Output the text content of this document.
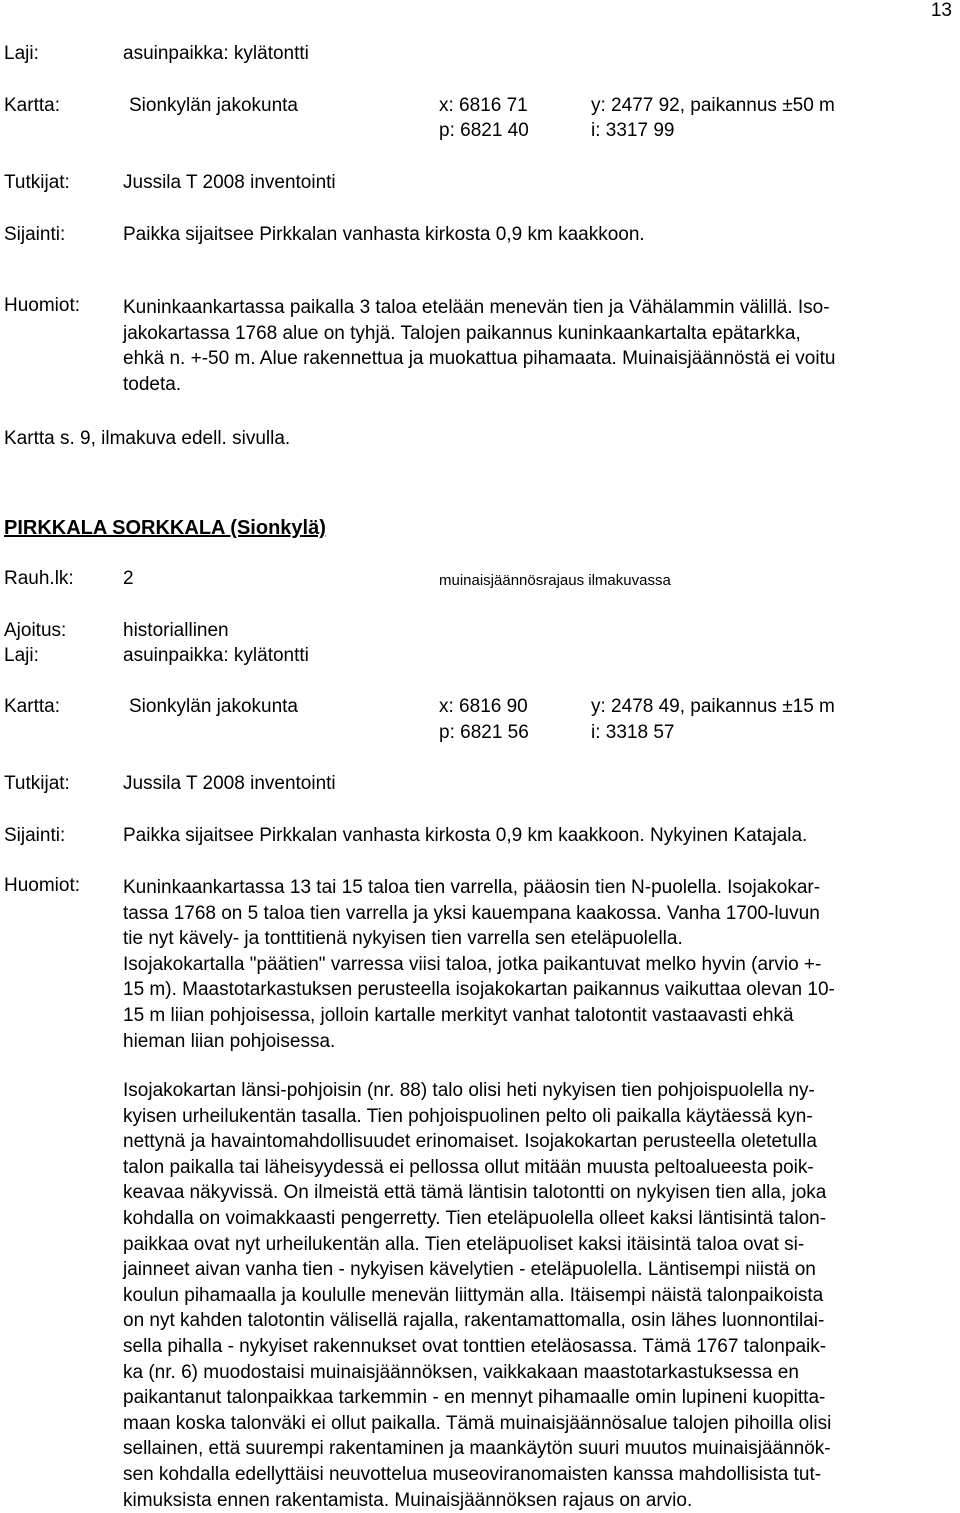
13
Laji:	asuinpaikka: kylätontti
Kartta:	Sionkylän jakokunta	x: 6816 71	y: 2477 92, paikannus ±50 m
p: 6821 40	i: 3317 99
Tutkijat:	Jussila T 2008 inventointi
Sijainti:	Paikka sijaitsee Pirkkalan vanhasta kirkosta 0,9 km kaakkoon.
Huomiot: Kuninkaankartassa paikalla 3 taloa etelään menevän tien ja Vähälammin välillä. Iso-
jakokartassa 1768 alue on tyhjä. Talojen paikannus kuninkaankartalta epätarkka,
ehkä n. +-50 m. Alue rakennettua ja muokattua pihamaata. Muinaisjäännöstä ei voitu
todeta.
Kartta s. 9, ilmakuva edell. sivulla.
PIRKKALA SORKKALA (Sionkylä)
Rauh.lk:	2	muinaisjäännösrajaus ilmakuvassa
Ajoitus:	historiallinen
Laji:	asuinpaikka: kylätontti
Kartta:	Sionkylän jakokunta	x: 6816 90	y: 2478 49, paikannus ±15 m
p: 6821 56	i: 3318 57
Tutkijat:	Jussila T 2008 inventointi
Sijainti:	Paikka sijaitsee Pirkkalan vanhasta kirkosta 0,9 km kaakkoon. Nykyinen Katajala.
Huomiot: Kuninkaankartassa 13 tai 15 taloa tien varrella, pääosin tien N-puolella. Isojakokar-
tassa 1768 on 5 taloa tien varrella ja yksi kauempana kaakossa. Vanha 1700-luvun
tie nyt kävely- ja tonttitienä nykyisen tien varrella sen eteläpuolella.
Isojakokartalla "päätien" varressa viisi taloa, jotka paikantuvat melko hyvin (arvio +-
15 m). Maastotarkastuksen perusteella isojakokartan paikannus vaikuttaa olevan 10-
15 m liian pohjoisessa, jolloin kartalle merkityt vanhat talotontit vastaavasti ehkä
hieman liian pohjoisessa.
Isojakokartan länsi-pohjoisin (nr. 88) talo olisi heti nykyisen tien pohjoispuolella ny-
kyisen urheilukentän tasalla. Tien pohjoispuolinen pelto oli paikalla käytäessä kyn-
nettynä ja havaintomahdollisuudet erinomaiset. Isojakokartan perusteella oletetulla
talon paikalla tai läheisyydessä ei pellossa ollut mitään muusta peltoalueesta poik-
keavaa näkyvissä. On ilmeistä että tämä läntisin talotontti on nykyisen tien alla, joka
kohdalla on voimakkaasti pengerretty. Tien eteläpuolella olleet kaksi läntisintä talon-
paikkaa ovat nyt urheilukentän alla. Tien eteläpuoliset kaksi itäisintä taloa ovat si-
jainneet aivan vanha tien - nykyisen kävelytien - eteläpuolella. Läntisempi niistä on
koulun pihamaalla ja koululle menevän liittymän alla. Itäisempi näistä talonpaikoista
on nyt kahden talotontin välisellä rajalla, rakentamattomalla, osin lähes luonnontilai-
sella pihalla - nykyiset rakennukset ovat tonttien eteläosassa. Tämä 1767 talonpaik-
ka (nr. 6) muodostaisi muinaisjäännöksen, vaikkakaan maastotarkastuksessa en
paikantanut talonpaikkaa tarkemmin - en mennyt pihamaalle omin lupineni kuopitta-
maan koska talonväki ei ollut paikalla. Tämä muinaisjäännösalue talojen pihoilla olisi
sellainen, että suurempi rakentaminen ja maankäytön suuri muutos muinaisjäännök-
sen kohdalla edellyttäisi neuvottelua museoviranomaisten kanssa mahdollisista tut-
kimuksista ennen rakentamista. Muinaisjäännöksen rajaus on arvio.
